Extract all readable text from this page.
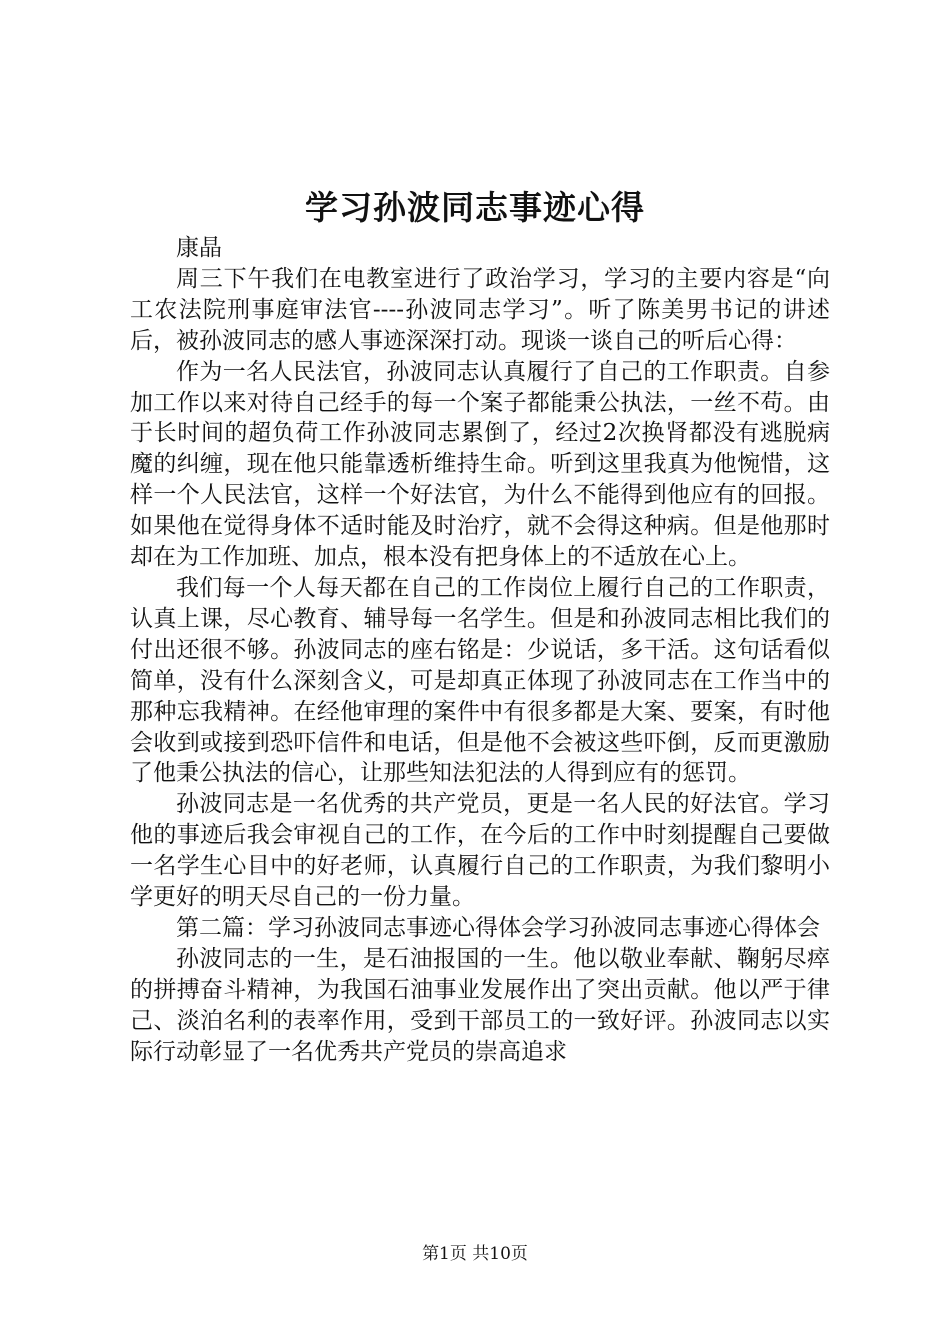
学习孙波同志事迹心得

康晶

周三下午我们在电教室进行了政治学习，学习的主要内容是“向工农法院刑事庭审法官----孙波同志学习”。听了陈美男书记的讲述后，被孙波同志的感人事迹深深打动。现谈一谈自己的听后心得：

作为一名人民法官，孙波同志认真履行了自己的工作职责。自参加工作以来对待自己经手的每一个案子都能秉公执法，一丝不苟。由于长时间的超负荷工作孙波同志累倒了，经过2次换肾都没有逃脱病魔的纠缠，现在他只能靠透析维持生命。听到这里我真为他惋惜，这样一个人民法官，这样一个好法官，为什么不能得到他应有的回报。如果他在觉得身体不适时能及时治疗，就不会得这种病。但是他那时却在为工作加班、加点，根本没有把身体上的不适放在心上。

我们每一个人每天都在自己的工作岗位上履行自己的工作职责，认真上课，尽心教育、辅导每一名学生。但是和孙波同志相比我们的付出还很不够。孙波同志的座右铭是：少说话，多干活。这句话看似简单，没有什么深刻含义，可是却真正体现了孙波同志在工作当中的那种忘我精神。在经他审理的案件中有很多都是大案、要案，有时他会收到或接到恐吓信件和电话，但是他不会被这些吓倒，反而更激励了他秉公执法的信心，让那些知法犯法的人得到应有的惩罚。

孙波同志是一名优秀的共产党员，更是一名人民的好法官。学习他的事迹后我会审视自己的工作，在今后的工作中时刻提醒自己要做一名学生心目中的好老师，认真履行自己的工作职责，为我们黎明小学更好的明天尽自己的一份力量。

第二篇：学习孙波同志事迹心得体会学习孙波同志事迹心得体会

孙波同志的一生，是石油报国的一生。他以敬业奉献、鞠躬尽瘁的拼搏奋斗精神，为我国石油事业发展作出了突出贡献。他以严于律己、淡泊名利的表率作用，受到干部员工的一致好评。孙波同志以实际行动彰显了一名优秀共产党员的崇高追求

第1页 共10页
